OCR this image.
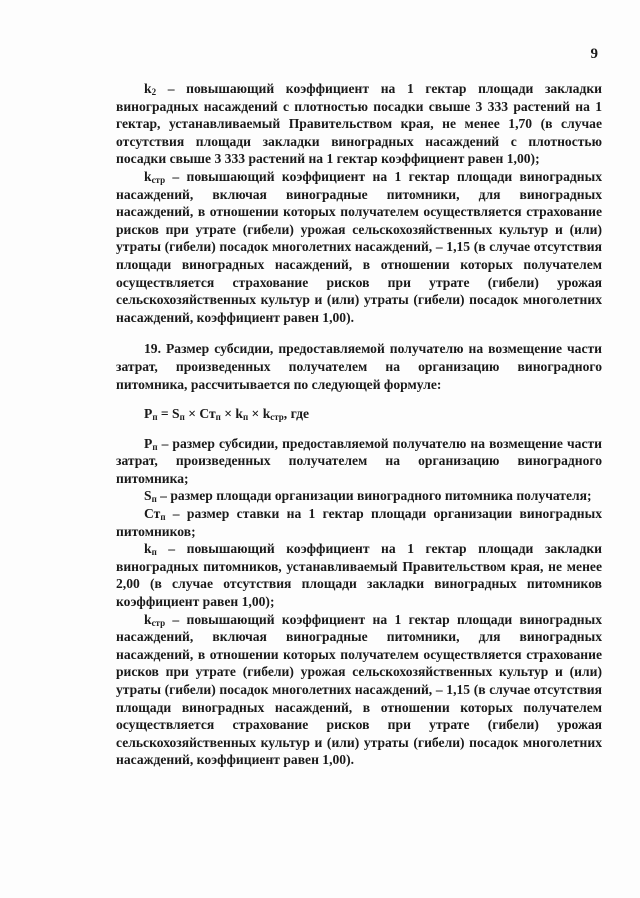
9

$k_2$ – повышающий коэффициент на 1 гектар площади закладки виноградных насаждений с плотностью посадки свыше 3 333 растений на 1 гектар, устанавливаемый Правительством края, не менее 1,70 (в случае отсутствия площади закладки виноградных насаждений с плотностью посадки свыше 3 333 растений на 1 гектар коэффициент равен 1,00);

$k_{стр}$ – повышающий коэффициент на 1 гектар площади виноградных насаждений, включая виноградные питомники, для виноградных насаждений, в отношении которых получателем осуществляется страхование рисков при утрате (гибели) урожая сельскохозяйственных культур и (или) утраты (гибели) посадок многолетних насаждений, – 1,15 (в случае отсутствия площади виноградных насаждений, в отношении которых получателем осуществляется страхование рисков при утрате (гибели) урожая сельскохозяйственных культур и (или) утраты (гибели) посадок многолетних насаждений, коэффициент равен 1,00).

19. Размер субсидии, предоставляемой получателю на возмещение части затрат, произведенных получателем на организацию виноградного питомника, рассчитывается по следующей формуле:

$P_п = S_п \times Ст_п \times k_п \times k_{стр}$, где

$P_п$ – размер субсидии, предоставляемой получателю на возмещение части затрат, произведенных получателем на организацию виноградного питомника;

$S_п$ – размер площади организации виноградного питомника получателя;

$Ст_п$ – размер ставки на 1 гектар площади организации виноградных питомников;

$k_п$ – повышающий коэффициент на 1 гектар площади закладки виноградных питомников, устанавливаемый Правительством края, не менее 2,00 (в случае отсутствия площади закладки виноградных питомников коэффициент равен 1,00);

$k_{стр}$ – повышающий коэффициент на 1 гектар площади виноградных насаждений, включая виноградные питомники, для виноградных насаждений, в отношении которых получателем осуществляется страхование рисков при утрате (гибели) урожая сельскохозяйственных культур и (или) утраты (гибели) посадок многолетних насаждений, – 1,15 (в случае отсутствия площади виноградных насаждений, в отношении которых получателем осуществляется страхование рисков при утрате (гибели) урожая сельскохозяйственных культур и (или) утраты (гибели) посадок многолетних насаждений, коэффициент равен 1,00).
